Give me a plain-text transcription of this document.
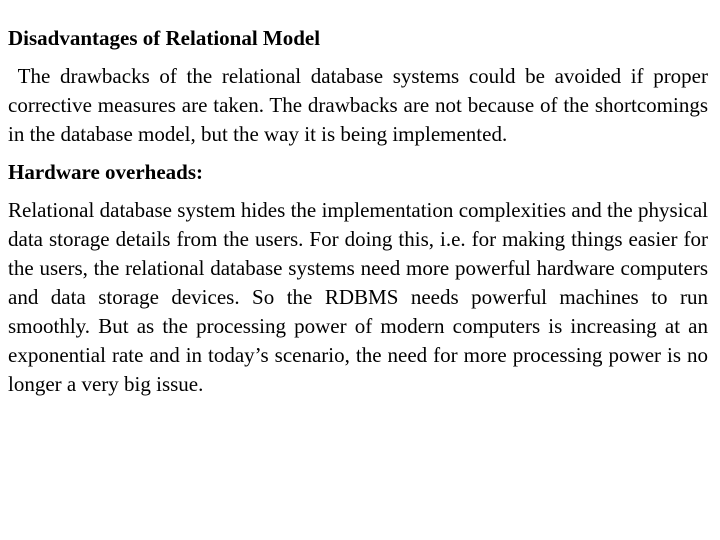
Disadvantages of Relational Model

The drawbacks of the relational database systems could be avoided if proper corrective measures are taken. The drawbacks are not because of the shortcomings in the database model, but the way it is being implemented.

Hardware overheads:

Relational database system hides the implementation complexities and the physical data storage details from the users. For doing this, i.e. for making things easier for the users, the relational database systems need more powerful hardware computers and data storage devices. So the RDBMS needs powerful machines to run smoothly. But as the processing power of modern computers is increasing at an exponential rate and in today’s scenario, the need for more processing power is no longer a very big issue.
